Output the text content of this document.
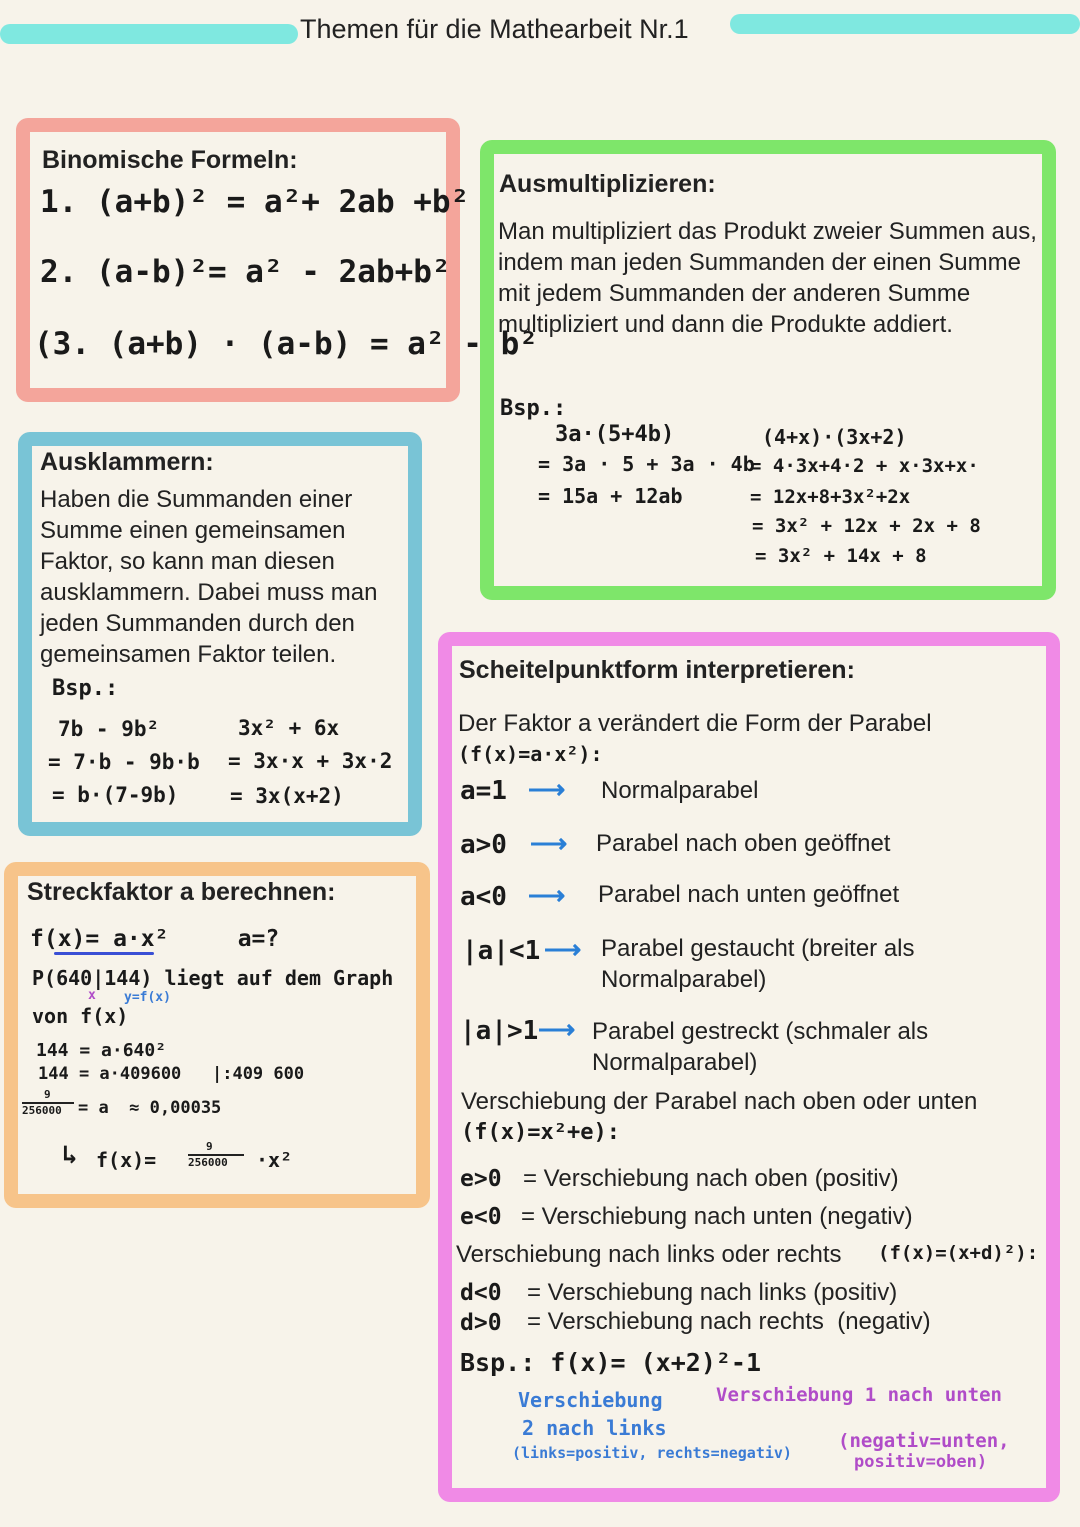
Themen für die Mathearbeit Nr.1
Binomische Formeln:
1. (a+b)² = a²+ 2ab +b²
2. (a-b)²= a² - 2ab+b²
(3. (a+b) · (a-b) = a² - b²
Ausmultiplizieren:
Man multipliziert das Produkt zweier Summen aus, indem man jeden Summanden der einen Summe mit jedem Summanden der anderen Summe multipliziert und dann die Produkte addiert.
Bsp.:
3a·(5+4b)
= 3a · 5 + 3a · 4b
= 15a + 12ab
(4+x)·(3x+2)
= 4·3x+4·2 + x·3x+x·
= 12x+8+3x²+2x
= 3x² + 12x + 2x + 8
= 3x² + 14x + 8
Ausklammern:
Haben die Summanden einer Summe einen gemeinsamen Faktor, so kann man diesen ausklammern. Dabei muss man jeden Summanden durch den gemeinsamen Faktor teilen.
Bsp.:
7b - 9b²
= 7·b - 9b·b
= b·(7-9b)
3x² + 6x
= 3x·x + 3x·2
= 3x(x+2)
Streckfaktor a berechnen:
f(x)= a·x²     a=?
P(640|144) liegt auf dem Graph
x y=f(x)
von f(x)
144 = a·640²
144 = a·409600   |:409 600
9
256000 = a  ≈ 0,00035
↳ f(x)=
9
256000 ·x²
Scheitelpunktform interpretieren:
Der Faktor a verändert die Form der Parabel
(f(x)=a·x²):
a=1 ⟶ Normalparabel
a>0 ⟶ Parabel nach oben geöffnet
a<0 ⟶ Parabel nach unten geöffnet
|a|<1 ⟶ Parabel gestaucht (breiter als
Normalparabel)
|a|>1 ⟶ Parabel gestreckt (schmaler als
Normalparabel)
Verschiebung der Parabel nach oben oder unten
(f(x)=x²+e):
e>0 = Verschiebung nach oben (positiv)
e<0 = Verschiebung nach unten (negativ)
Verschiebung nach links oder rechts (f(x)=(x+d)²):
d<0 = Verschiebung nach links (positiv)
d>0 = Verschiebung nach rechts  (negativ)
Bsp.: f(x)= (x+2)²-1
Verschiebung
2 nach links
(links=positiv, rechts=negativ)
Verschiebung 1 nach unten
(negativ=unten,
positiv=oben)
